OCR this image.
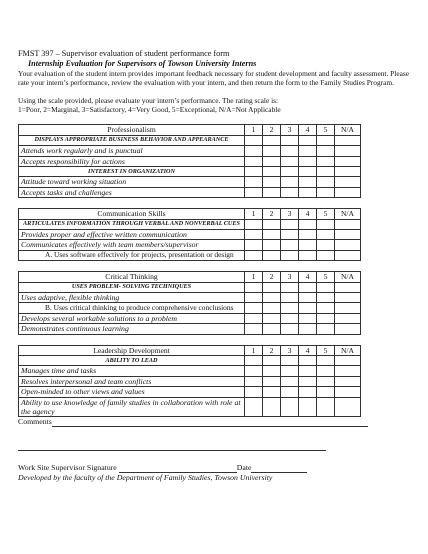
FMST 397 – Supervisor evaluation of student performance form
Internship Evaluation for Supervisors of Towson University Interns

Your evaluation of the student intern provides important feedback necessary for student development and faculty assessment. Please rate your intern’s performance, review the evaluation with your intern, and then return the form to the Family Studies Program.

Using the scale provided, please evaluate your intern’s performance. The rating scale is:

1=Poor, 2=Marginal, 3=Satisfactory, 4=Very Good, 5=Exceptional, N/A=Not Applicable

Professionalism	1	2	3	4	5	N/A
DISPLAYS APPROPRIATE BUSINESS BEHAVIOR AND APPEARANCE						
Attends work regularly and is punctual						
Accepts responsibility for actions						
INTEREST IN ORGANIZATION						
Attitude toward working situation						
Accepts tasks and challenges						
Communication Skills	1	2	3	4	5	N/A
ARTICULATES INFORMATION THROUGH VERBAL AND NONVERBAL CUES						
Provides proper and effective written communication						
Communicates effectively with team members/supervisor						
A. Uses software effectively for projects, presentation or design						
Critical Thinking	1	2	3	4	5	N/A
USES PROBLEM- SOLVING TECHNIQUES						
Uses adaptive, flexible thinking						
B. Uses critical thinking to produce comprehensive conclusions						
Develops several workable solutions to a problem						
Demonstrates continuous learning						
Leadership Development	1	2	3	4	5	N/A
ABILITY TO LEAD						
Manages time and tasks						
Resolves interpersonal and team conflicts						
Open-minded to other views and values						
Ability to use knowledge of family studies in collaboration with role at the agency						
Comments
Work Site Supervisor Signature	Date
Developed by the faculty of the Department of Family Studies, Towson University
